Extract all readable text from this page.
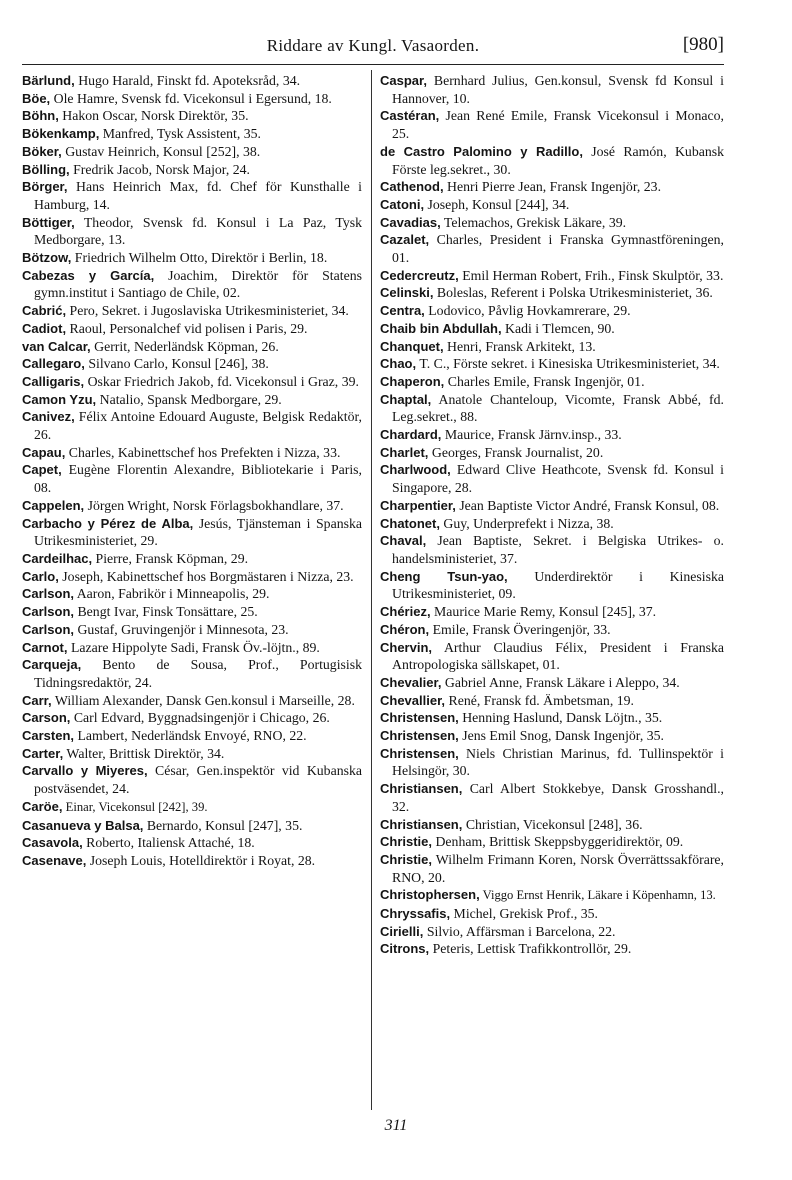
Riddare av Kungl. Vasaorden.	[980]

Bärlund, Hugo Harald, Finskt fd. Apoteksråd, 34.

Böe, Ole Hamre, Svensk fd. Vicekonsul i Egersund, 18.

Böhn, Hakon Oscar, Norsk Direktör, 35.

Bökenkamp, Manfred, Tysk Assistent, 35.

Böker, Gustav Heinrich, Konsul [252], 38.

Bölling, Fredrik Jacob, Norsk Major, 24.

Börger, Hans Heinrich Max, fd. Chef för Kunsthalle i Hamburg, 14.

Böttiger, Theodor, Svensk fd. Konsul i La Paz, Tysk Medborgare, 13.

Bötzow, Friedrich Wilhelm Otto, Direktör i Berlin, 18.

Cabezas y García, Joachim, Direktör för Statens gymn.institut i Santiago de Chile, 02.

Cabrić, Pero, Sekret. i Jugoslaviska Utrikesministeriet, 34.

Cadiot, Raoul, Personalchef vid polisen i Paris, 29.

van Calcar, Gerrit, Nederländsk Köpman, 26.

Callegaro, Silvano Carlo, Konsul [246], 38.

Calligaris, Oskar Friedrich Jakob, fd. Vicekonsul i Graz, 39.

Camon Yzu, Natalio, Spansk Medborgare, 29.

Canivez, Félix Antoine Edouard Auguste, Belgisk Redaktör, 26.

Capau, Charles, Kabinettschef hos Prefekten i Nizza, 33.

Capet, Eugène Florentin Alexandre, Bibliotekarie i Paris, 08.

Cappelen, Jörgen Wright, Norsk Förlagsbokhandlare, 37.

Carbacho y Pérez de Alba, Jesús, Tjänsteman i Spanska Utrikesministeriet, 29.

Cardeilhac, Pierre, Fransk Köpman, 29.

Carlo, Joseph, Kabinettschef hos Borgmästaren i Nizza, 23.

Carlson, Aaron, Fabrikör i Minneapolis, 29.

Carlson, Bengt Ivar, Finsk Tonsättare, 25.

Carlson, Gustaf, Gruvingenjör i Minnesota, 23.

Carnot, Lazare Hippolyte Sadi, Fransk Öv.-löjtn., 89.

Carqueja, Bento de Sousa, Prof., Portugisisk Tidningsredaktör, 24.

Carr, William Alexander, Dansk Gen.konsul i Marseille, 28.

Carson, Carl Edvard, Byggnadsingenjör i Chicago, 26.

Carsten, Lambert, Nederländsk Envoyé, RNO, 22.

Carter, Walter, Brittisk Direktör, 34.

Carvallo y Miyeres, César, Gen.inspektör vid Kubanska postväsendet, 24.

Caröe, Einar, Vicekonsul [242], 39.

Casanueva y Balsa, Bernardo, Konsul [247], 35.

Casavola, Roberto, Italiensk Attaché, 18.

Casenave, Joseph Louis, Hotelldirektör i Royat, 28.

Caspar, Bernhard Julius, Gen.konsul, Svensk fd Konsul i Hannover, 10.

Castéran, Jean René Emile, Fransk Vicekonsul i Monaco, 25.

de Castro Palomino y Radillo, José Ramón, Kubansk Förste leg.sekret., 30.

Cathenod, Henri Pierre Jean, Fransk Ingenjör, 23.

Catoni, Joseph, Konsul [244], 34.

Cavadias, Telemachos, Grekisk Läkare, 39.

Cazalet, Charles, President i Franska Gymnastföreningen, 01.

Cedercreutz, Emil Herman Robert, Frih., Finsk Skulptör, 33.

Celinski, Boleslas, Referent i Polska Utrikesministeriet, 36.

Centra, Lodovico, Påvlig Hovkamrerare, 29.

Chaib bin Abdullah, Kadi i Tlemcen, 90.

Chanquet, Henri, Fransk Arkitekt, 13.

Chao, T. C., Förste sekret. i Kinesiska Utrikesministeriet, 34.

Chaperon, Charles Emile, Fransk Ingenjör, 01.

Chaptal, Anatole Chanteloup, Vicomte, Fransk Abbé, fd. Leg.sekret., 88.

Chardard, Maurice, Fransk Järnv.insp., 33.

Charlet, Georges, Fransk Journalist, 20.

Charlwood, Edward Clive Heathcote, Svensk fd. Konsul i Singapore, 28.

Charpentier, Jean Baptiste Victor André, Fransk Konsul, 08.

Chatonet, Guy, Underprefekt i Nizza, 38.

Chaval, Jean Baptiste, Sekret. i Belgiska Utrikes- o. handelsministeriet, 37.

Cheng Tsun-yao, Underdirektör i Kinesiska Utrikesministeriet, 09.

Chériez, Maurice Marie Remy, Konsul [245], 37.

Chéron, Emile, Fransk Överingenjör, 33.

Chervin, Arthur Claudius Félix, President i Franska Antropologiska sällskapet, 01.

Chevalier, Gabriel Anne, Fransk Läkare i Aleppo, 34.

Chevallier, René, Fransk fd. Ämbetsman, 19.

Christensen, Henning Haslund, Dansk Löjtn., 35.

Christensen, Jens Emil Snog, Dansk Ingenjör, 35.

Christensen, Niels Christian Marinus, fd. Tullinspektör i Helsingör, 30.

Christiansen, Carl Albert Stokkebye, Dansk Grosshandl., 32.

Christiansen, Christian, Vicekonsul [248], 36.

Christie, Denham, Brittisk Skeppsbyggeridirektör, 09.

Christie, Wilhelm Frimann Koren, Norsk Överrättssakförare, RNO, 20.

Christophersen, Viggo Ernst Henrik, Läkare i Köpenhamn, 13.

Chryssafis, Michel, Grekisk Prof., 35.

Cirielli, Silvio, Affärsman i Barcelona, 22.

Citrons, Peteris, Lettisk Trafikkontrollör, 29.

311
